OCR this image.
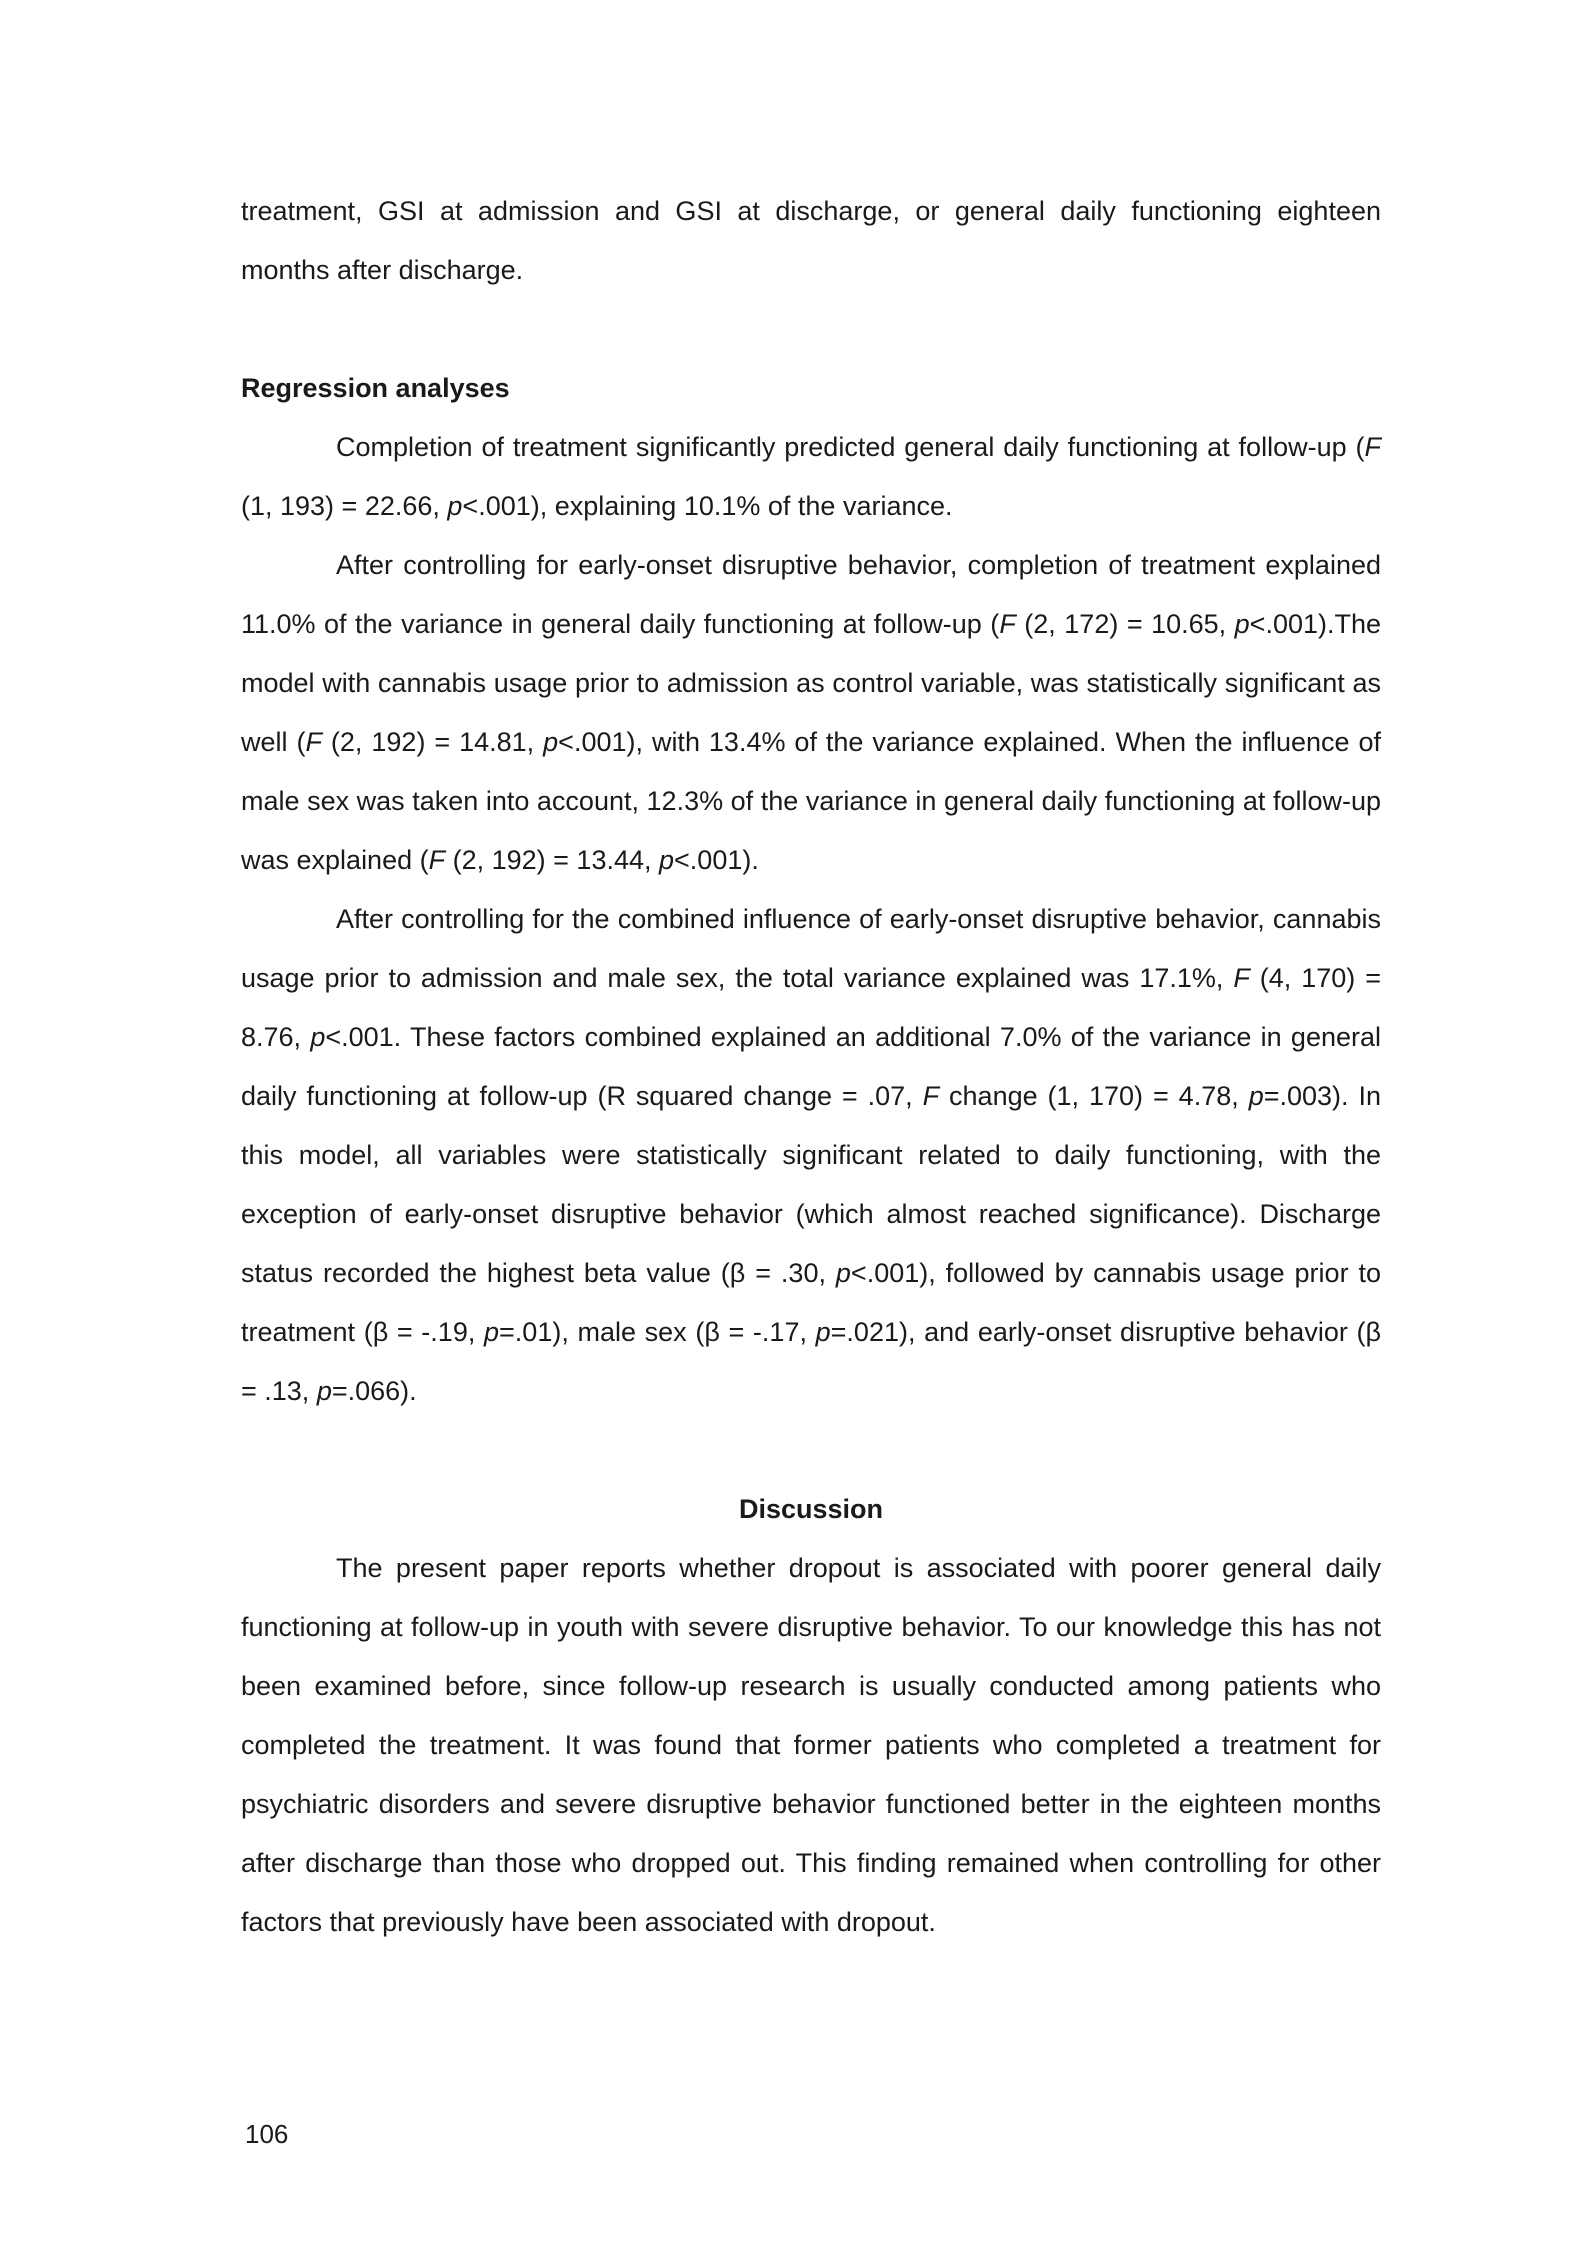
treatment, GSI at admission and GSI at discharge, or general daily functioning eighteen months after discharge.

Regression analyses

Completion of treatment significantly predicted general daily functioning at follow-up (F (1, 193) = 22.66, p<.001), explaining 10.1% of the variance.

After controlling for early-onset disruptive behavior, completion of treatment explained 11.0% of the variance in general daily functioning at follow-up (F (2, 172) = 10.65, p<.001).The model with cannabis usage prior to admission as control variable, was statistically significant as well (F (2, 192) = 14.81, p<.001), with 13.4% of the variance explained. When the influence of male sex was taken into account, 12.3% of the variance in general daily functioning at follow-up was explained (F (2, 192) = 13.44, p<.001).

After controlling for the combined influence of early-onset disruptive behavior, cannabis usage prior to admission and male sex, the total variance explained was 17.1%, F (4, 170) = 8.76, p<.001. These factors combined explained an additional 7.0% of the variance in general daily functioning at follow-up (R squared change = .07, F change (1, 170) = 4.78, p=.003). In this model, all variables were statistically significant related to daily functioning, with the exception of early-onset disruptive behavior (which almost reached significance). Discharge status recorded the highest beta value (β = .30, p<.001), followed by cannabis usage prior to treatment (β = -.19, p=.01), male sex (β = -.17, p=.021), and early-onset disruptive behavior (β = .13, p=.066).

Discussion

The present paper reports whether dropout is associated with poorer general daily functioning at follow-up in youth with severe disruptive behavior. To our knowledge this has not been examined before, since follow-up research is usually conducted among patients who completed the treatment. It was found that former patients who completed a treatment for psychiatric disorders and severe disruptive behavior functioned better in the eighteen months after discharge than those who dropped out. This finding remained when controlling for other factors that previously have been associated with dropout.

106
